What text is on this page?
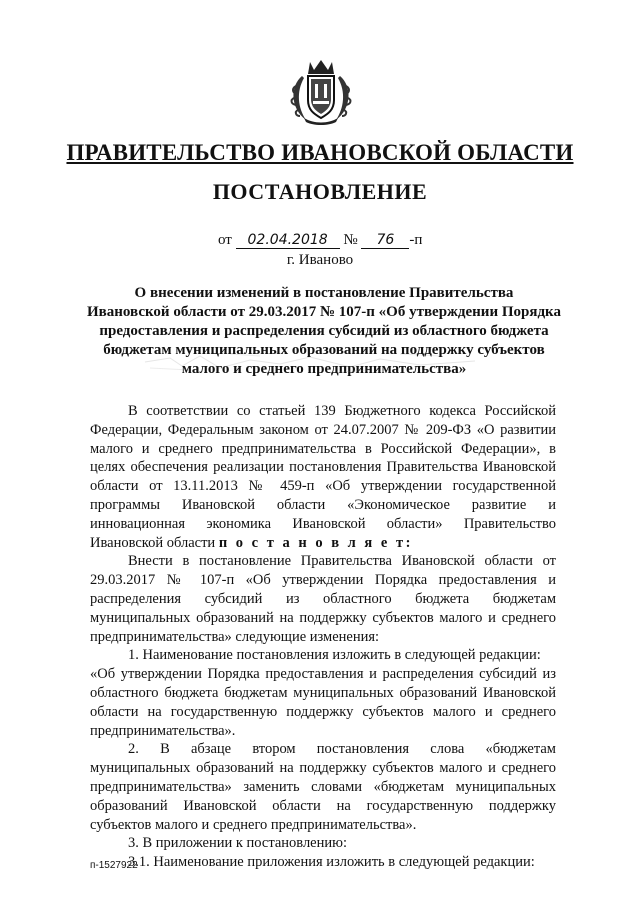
ПРАВИТЕЛЬСТВО ИВАНОВСКОЙ ОБЛАСТИ
ПОСТАНОВЛЕНИЕ
от 02.04.2018 № 76 -п
г. Иваново
О внесении изменений в постановление Правительства
Ивановской области от 29.03.2017 № 107-п «Об утверждении Порядка
предоставления и распределения субсидий из областного бюджета
бюджетам муниципальных образований на поддержку субъектов
малого и среднего предпринимательства»
В соответствии со статьей 139 Бюджетного кодекса Российской
Федерации, Федеральным законом от 24.07.2007 № 209-ФЗ «О развитии
малого и среднего предпринимательства в Российской Федерации», в
целях обеспечения реализации постановления Правительства Ивановской
области от 13.11.2013 № 459-п «Об утверждении государственной
программы Ивановской области «Экономическое развитие и
инновационная экономика Ивановской области» Правительство
Ивановской области п о с т а н о в л я е т:
Внести в постановление Правительства Ивановской области от
29.03.2017 № 107-п «Об утверждении Порядка предоставления и
распределения субсидий из областного бюджета бюджетам
муниципальных образований на поддержку субъектов малого и среднего
предпринимательства» следующие изменения:
1. Наименование постановления изложить в следующей редакции:
«Об утверждении Порядка предоставления и распределения субсидий из
областного бюджета бюджетам муниципальных образований Ивановской
области на государственную поддержку субъектов малого и среднего
предпринимательства».
2. В абзаце втором постановления слова «бюджетам
муниципальных образований на поддержку субъектов малого и среднего
предпринимательства» заменить словами «бюджетам муниципальных
образований Ивановской области на государственную поддержку
субъектов малого и среднего предпринимательства».
3. В приложении к постановлению:
3.1. Наименование приложения изложить в следующей редакции:
п-1527922
